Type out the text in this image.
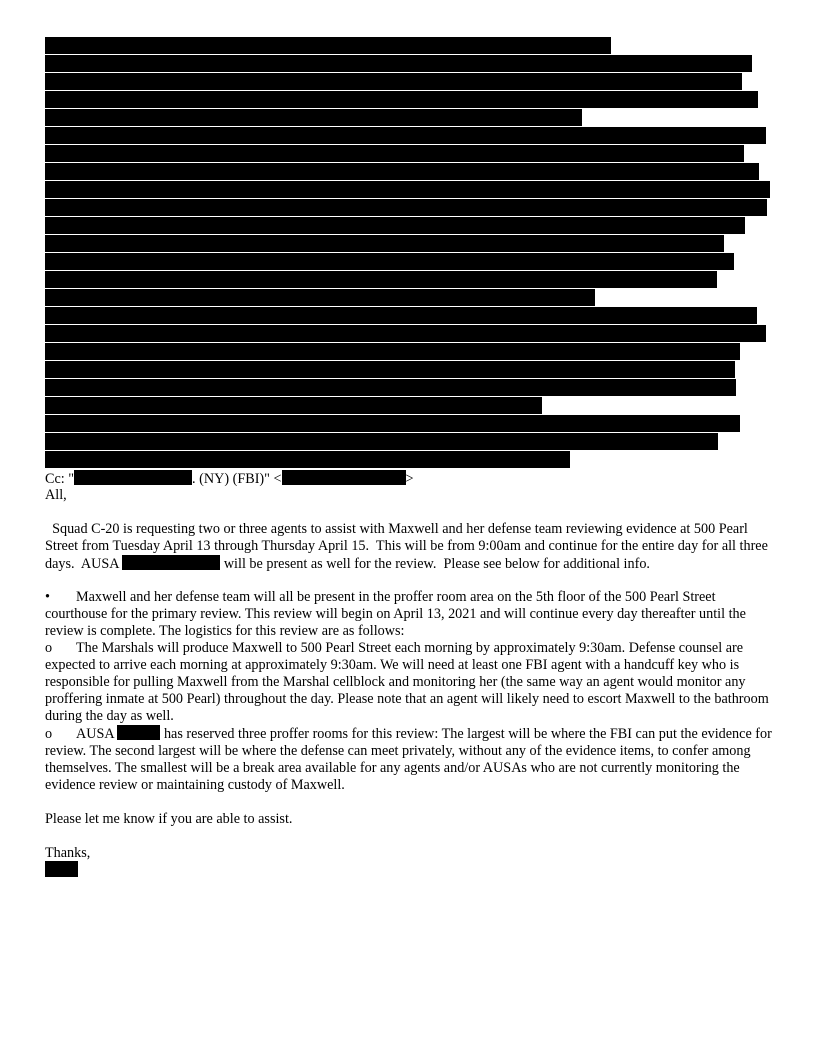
Cc: "	. (NY) (FBI)" <	>
All,

Squad C-20 is requesting two or three agents to assist with Maxwell and her defense team reviewing evidence at 500 Pearl Street from Tuesday April 13 through Thursday April 15.  This will be from 9:00am and continue for the entire day for all three days.  AUSA	will be present as well for the review.  Please see below for additional info.

• Maxwell and her defense team will all be present in the proffer room area on the 5th floor of the 500 Pearl Street courthouse for the primary review. This review will begin on April 13, 2021 and will continue every day thereafter until the review is complete. The logistics for this review are as follows:

o The Marshals will produce Maxwell to 500 Pearl Street each morning by approximately 9:30am. Defense counsel are expected to arrive each morning at approximately 9:30am. We will need at least one FBI agent with a handcuff key who is responsible for pulling Maxwell from the Marshal cellblock and monitoring her (the same way an agent would monitor any proffering inmate at 500 Pearl) throughout the day. Please note that an agent will likely need to escort Maxwell to the bathroom during the day as well.

o AUSA	has reserved three proffer rooms for this review: The largest will be where the FBI can put the evidence for review. The second largest will be where the defense can meet privately, without any of the evidence items, to confer among themselves. The smallest will be a break area available for any agents and/or AUSAs who are not currently monitoring the evidence review or maintaining custody of Maxwell.

Please let me know if you are able to assist.
Thanks,
